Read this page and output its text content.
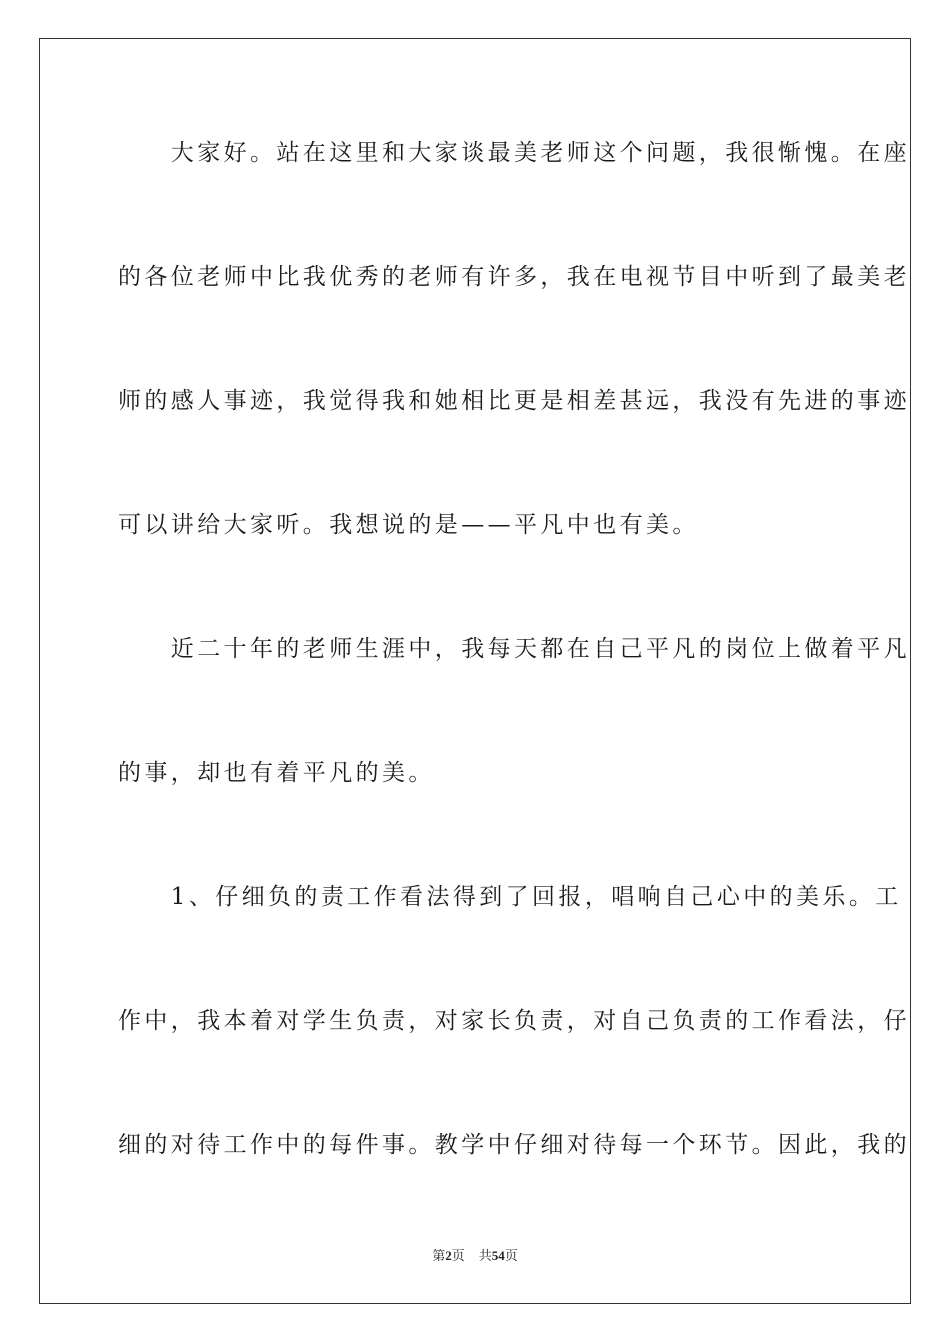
　　大家好。站在这里和大家谈最美老师这个问题，我很惭愧。在座
的各位老师中比我优秀的老师有许多，我在电视节目中听到了最美老
师的感人事迹，我觉得我和她相比更是相差甚远，我没有先进的事迹
可以讲给大家听。我想说的是——平凡中也有美。
　　近二十年的老师生涯中，我每天都在自己平凡的岗位上做着平凡
的事，却也有着平凡的美。
　　1、仔细负的责工作看法得到了回报，唱响自己心中的美乐。工
作中，我本着对学生负责，对家长负责，对自己负责的工作看法，仔
细的对待工作中的每件事。教学中仔细对待每一个环节。因此，我的
第2页 共54页
